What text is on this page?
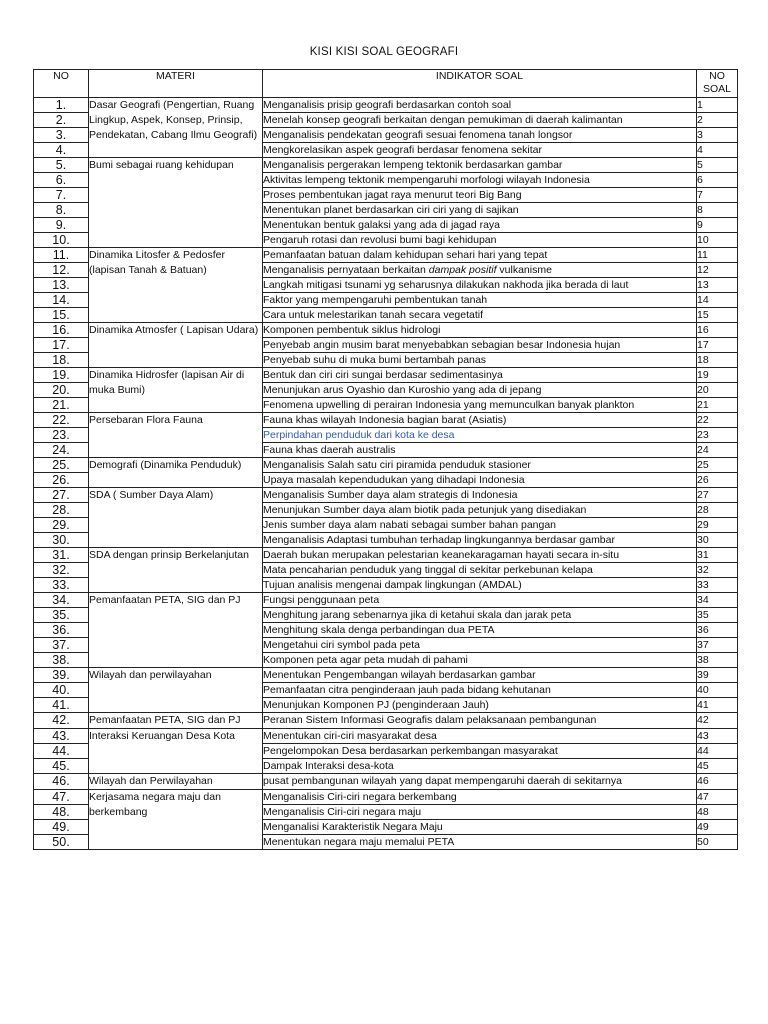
KISI KISI SOAL GEOGRAFI
NO	MATERI	INDIKATOR SOAL	NO
SOAL
1.	Dasar Geografi (Pengertian, Ruang Lingkup, Aspek, Konsep, Prinsip, Pendekatan, Cabang Ilmu Geografi)	Menganalisis prisip geografi berdasarkan contoh soal	1
2.		Menelah konsep geografi berkaitan dengan pemukiman di daerah kalimantan	2
3.		Menganalisis pendekatan geografi sesuai fenomena tanah longsor	3
4.		Mengkorelasikan aspek geografi berdasar fenomena sekitar	4
5.	Bumi sebagai ruang kehidupan	Menganalisis pergerakan lempeng tektonik berdasarkan gambar	5
6.		Aktivitas lempeng tektonik mempengaruhi morfologi wilayah Indonesia	6
7.		Proses pembentukan jagat raya menurut teori Big Bang	7
8.		Menentukan planet berdasarkan ciri ciri yang di sajikan	8
9.		Menentukan bentuk galaksi yang ada di jagad raya	9
10.		Pengaruh rotasi dan revolusi bumi bagi kehidupan	10
11.	Dinamika Litosfer & Pedosfer (lapisan Tanah & Batuan)	Pemanfaatan batuan dalam kehidupan sehari hari yang tepat	11
12.		Menganalisis pernyataan berkaitan dampak positif vulkanisme	12
13.		Langkah mitigasi tsunami yg seharusnya dilakukan nakhoda jika berada di laut	13
14.		Faktor yang mempengaruhi pembentukan tanah	14
15.		Cara untuk melestarikan tanah secara vegetatif	15
16.	Dinamika Atmosfer ( Lapisan Udara)	Komponen pembentuk siklus hidrologi	16
17.		Penyebab angin musim barat menyebabkan sebagian besar Indonesia hujan	17
18.		Penyebab suhu di muka bumi bertambah panas	18
19.	Dinamika Hidrosfer (lapisan Air di muka Bumi)	Bentuk dan ciri ciri sungai berdasar sedimentasinya	19
20.		Menunjukan arus Oyashio dan Kuroshio yang ada di jepang	20
21.		Fenomena upwelling di perairan Indonesia yang memunculkan banyak plankton	21
22.	Persebaran Flora Fauna	Fauna khas wilayah Indonesia bagian barat (Asiatis)	22
23.		Perpindahan penduduk dari kota ke desa	23
24.		Fauna khas daerah australis	24
25.	Demografi (Dinamika Penduduk)	Menganalisis Salah satu ciri piramida penduduk stasioner	25
26.		Upaya masalah kependudukan yang dihadapi Indonesia	26
27.	SDA ( Sumber Daya Alam)	Menganalisis Sumber daya alam strategis di Indonesia	27
28.		Menunjukan Sumber daya alam biotik pada petunjuk yang disediakan	28
29.		Jenis sumber daya alam nabati sebagai sumber bahan pangan	29
30.		Menganalisis Adaptasi tumbuhan terhadap lingkungannya berdasar gambar	30
31.	SDA dengan prinsip Berkelanjutan	Daerah bukan merupakan pelestarian keanekaragaman hayati secara in-situ	31
32.		Mata pencaharian penduduk yang tinggal di sekitar perkebunan kelapa	32
33.		Tujuan analisis mengenai dampak lingkungan (AMDAL)	33
34.	Pemanfaatan PETA, SIG dan PJ	Fungsi penggunaan peta	34
35.		Menghitung jarang sebenarnya jika di ketahui skala dan jarak peta	35
36.		Menghitung skala denga perbandingan dua PETA	36
37.		Mengetahui ciri symbol pada peta	37
38.		Komponen peta agar peta mudah di pahami	38
39.	Wilayah dan perwilayahan	Menentukan Pengembangan wilayah berdasarkan gambar	39
40.		Pemanfaatan citra penginderaan jauh pada bidang kehutanan	40
41.		Menunjukan Komponen PJ (penginderaan Jauh)	41
42.	Pemanfaatan PETA, SIG dan PJ	Peranan Sistem Informasi Geografis dalam pelaksanaan pembangunan	42
43.	Interaksi Keruangan Desa Kota	Menentukan ciri-ciri masyarakat desa	43
44.		Pengelompokan Desa berdasarkan perkembangan masyarakat	44
45.		Dampak Interaksi desa-kota	45
46.	Wilayah dan Perwilayahan	pusat pembangunan wilayah yang dapat mempengaruhi daerah di sekitarnya	46
47.	Kerjasama negara maju dan berkembang	Menganalisis Ciri-ciri negara berkembang	47
48.		Menganalisis Ciri-ciri negara maju	48
49.		Menganalisi Karakteristik Negara Maju	49
50.		Menentukan negara maju memalui PETA	50
